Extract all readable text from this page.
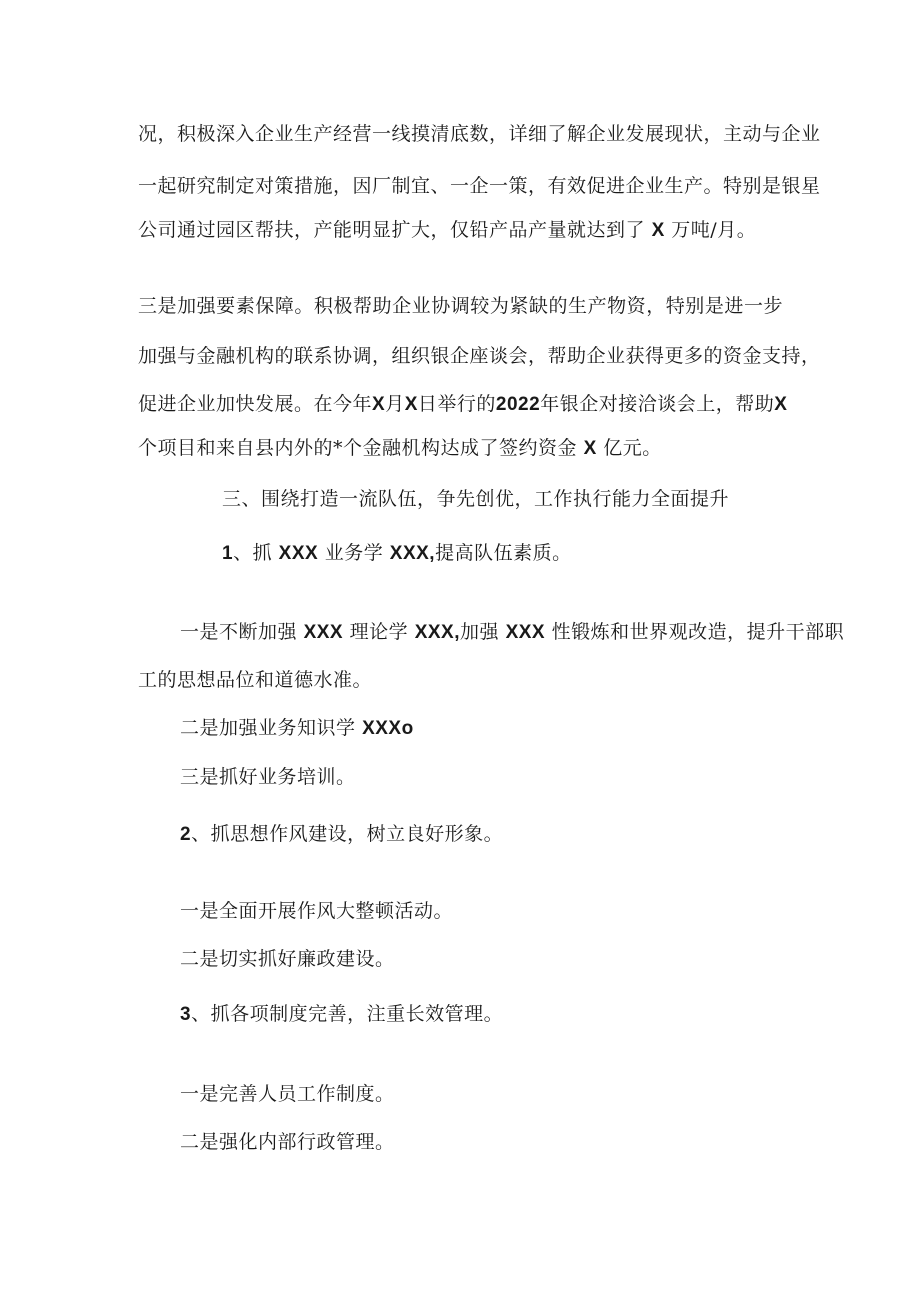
况，积极深入企业生产经营一线摸清底数，详细了解企业发展现状，主动与企业
一起研究制定对策措施，因厂制宜、一企一策，有效促进企业生产。特别是银星
公司通过园区帮扶，产能明显扩大，仅铅产品产量就达到了 X 万吨/月。
三是加强要素保障。积极帮助企业协调较为紧缺的生产物资，特别是进一步
加强与金融机构的联系协调，组织银企座谈会，帮助企业获得更多的资金支持，
促进企业加快发展。在今年X月X日举行的2022年银企对接洽谈会上，帮助X
个项目和来自县内外的*个金融机构达成了签约资金 X 亿元。
三、围绕打造一流队伍，争先创优，工作执行能力全面提升
1、抓 XXX 业务学 XXX,提高队伍素质。
一是不断加强 XXX 理论学 XXX,加强 XXX 性锻炼和世界观改造，提升干部职
工的思想品位和道德水准。
二是加强业务知识学 XXXo
三是抓好业务培训。
2、抓思想作风建设，树立良好形象。
一是全面开展作风大整顿活动。
二是切实抓好廉政建设。
3、抓各项制度完善，注重长效管理。
一是完善人员工作制度。
二是强化内部行政管理。
